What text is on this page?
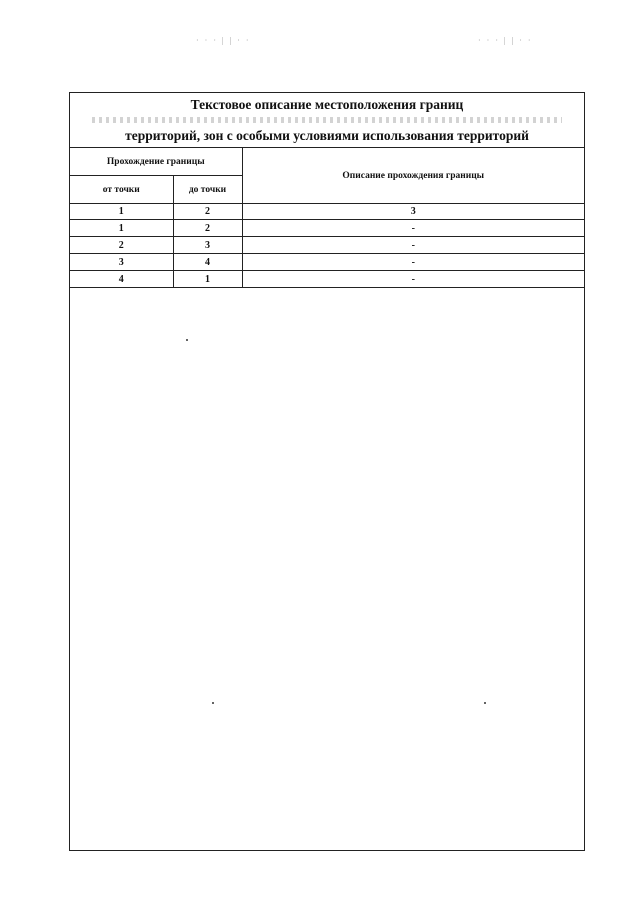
· · · | | · ·	· · · | | · ·
Текстовое описание местоположения границ
территорий, зон с особыми условиями использования территорий
Прохождение границы		Описание прохождения границы
от точки	до точки	
1	2	3
1	2	-
2	3	-
3	4	-
4	1	-
